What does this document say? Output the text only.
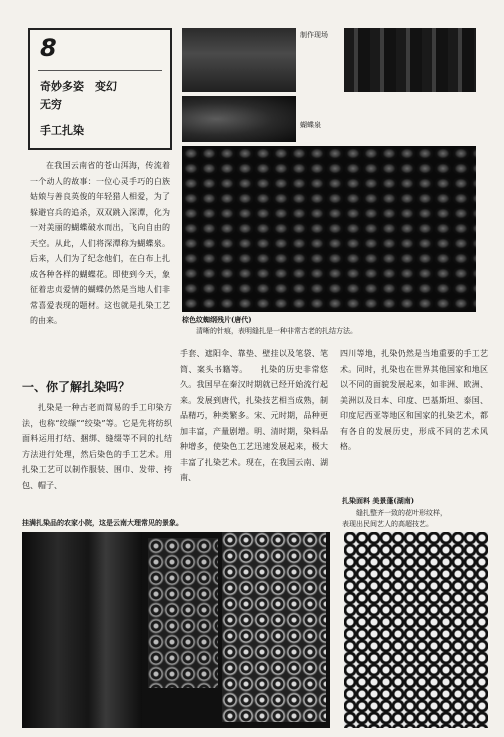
8
奇妙多姿　变幻
无穷
手工扎染
制作现场
蝴蝶泉
棕色纹蜘纲残片(唐代)
清晰的针痕，表明缝扎是一种非常古老的扎结方法。
在我国云南省的苍山洱海，传流着一个动人的故事：一位心灵手巧的白族姑娘与善良英俊的年轻猎人相爱，为了躲避官兵的追杀，双双跳入深潭，化为一对美丽的蝴蝶破水而出，飞向自由的天空。从此，人们将深潭称为蝴蝶泉。后来，人们为了纪念他们，在白布上扎成各种各样的蝴蝶花。即使到今天，象征着忠贞爱情的蝴蝶仍然是当地人们非常喜爱表现的题材。这也就是扎染工艺的由来。
一、你了解扎染吗？
扎染是一种古老而简易的手工印染方法，也称“绞缬”“绞染”等。它是先将纺织面料运用打结、捆绑、缝缀等不同的扎结方法进行处理，然后染色的手工艺术。用扎染工艺可以制作服装、围巾、发带、挎包、帽子、
手套、遮阳伞、靠垫、壁挂以及笔袋、笔筒、案头书籍等。　　扎染的历史非常悠久。我国早在秦汉时期就已经开始流行起来。发展到唐代，扎染技艺相当成熟，制品精巧，种类繁多。宋、元时期，品种更加丰富，产量剧增。明、清时期，染料品种增多，使染色工艺迅速发展起来，极大丰富了扎染艺术。现在，在我国云南、湖南、
四川等地，扎染仍然是当地重要的手工艺术。同时，扎染也在世界其他国家和地区以不同的面貌发展起来，如非洲、欧洲、美洲以及日本、印度、巴基斯坦、泰国、印度尼西亚等地区和国家的扎染艺术，都有各自的发展历史，形成不同的艺术风格。
挂满扎染品的农家小院，这是云南大理常见的景象。
扎染面料 美景蓬(湖南)
缝扎整齐一致的花叶形纹样，
表现出民间艺人的高超技艺。
